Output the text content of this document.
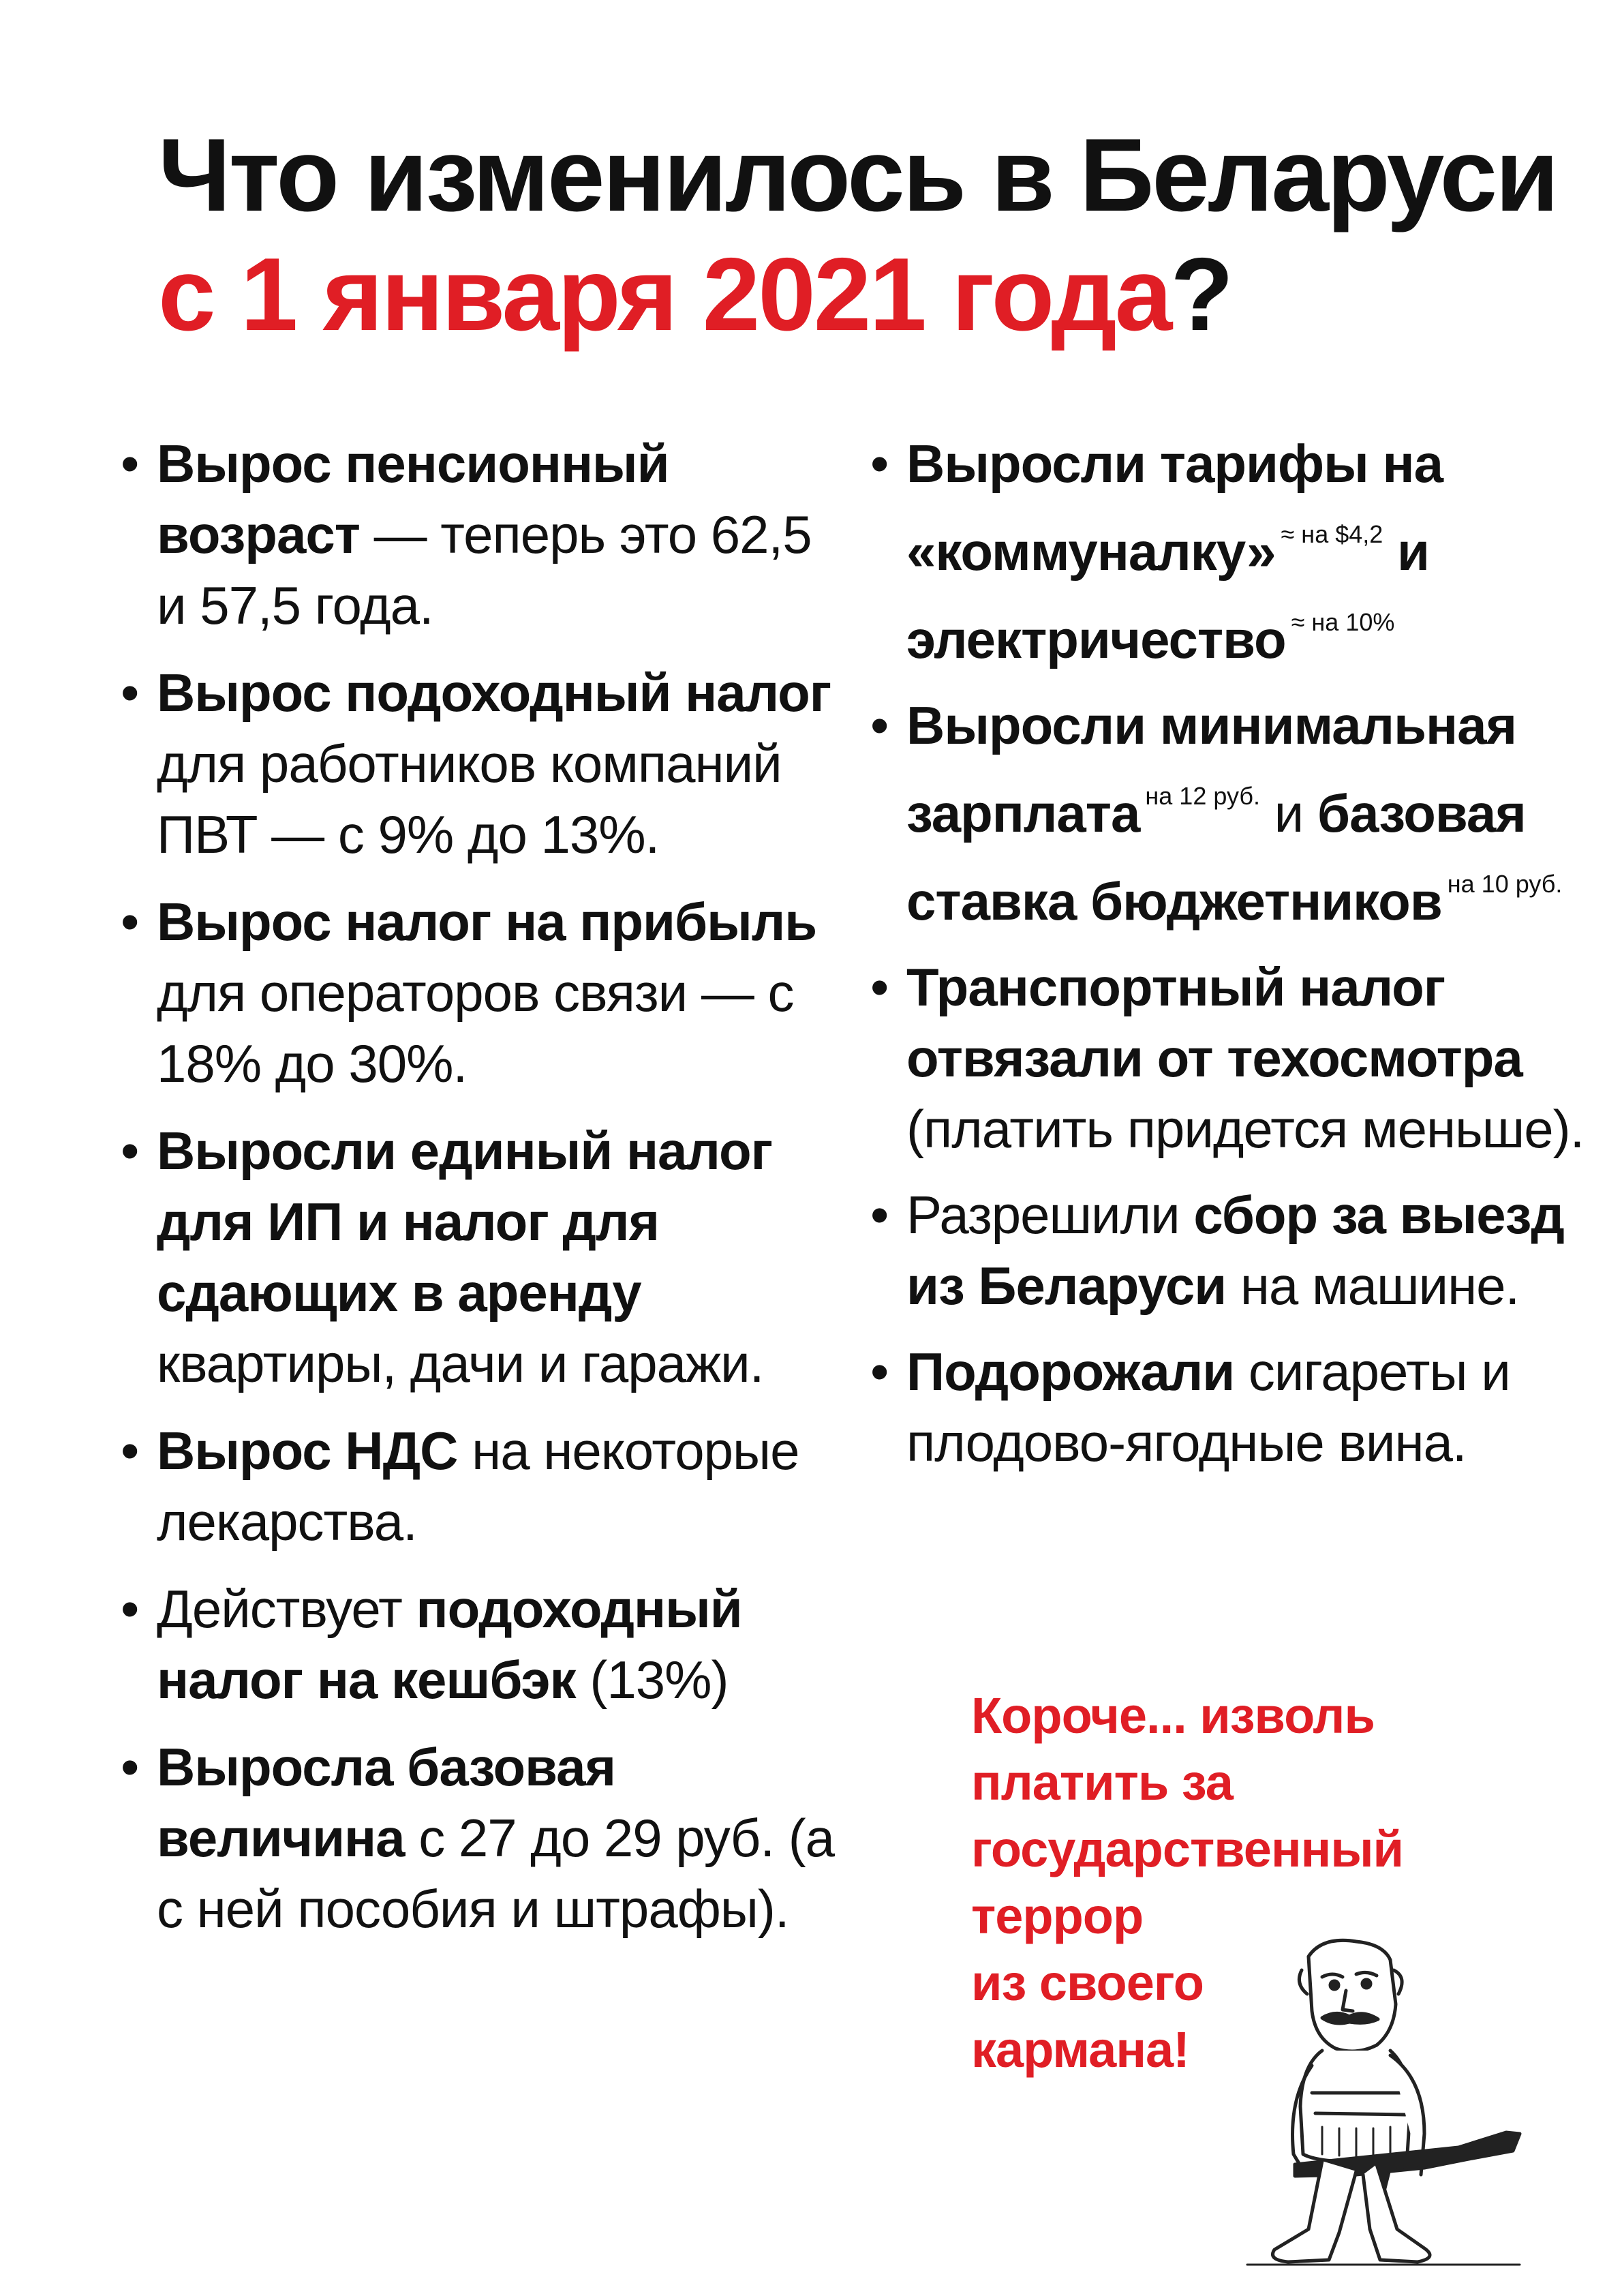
Что изменилось в Беларуси
с 1 января 2021 года?
• Вырос пенсионный возраст — теперь это 62,5 и 57,5 года.
• Вырос подоходный налог для работников компаний ПВТ — с 9% до 13%.
• Вырос налог на прибыль для операторов связи — с 18% до 30%.
• Выросли единый налог для ИП и налог для сдающих в аренду квартиры, дачи и гаражи.
• Вырос НДС на некоторые лекарства.
• Действует подоходный налог на кешбэк (13%)
• Выросла базовая величина с 27 до 29 руб. (а с ней пособия и штрафы).
• Выросли тарифы на «коммуналку» $^{\approx на \$4,2}$ и электричество $^{\approx на 10\%}$
• Выросли минимальная зарплата $^{на 12 руб.}$ и базовая ставка бюджетников $^{на 10 руб.}$
• Транспортный налог отвязали от техосмотра (платить придется меньше).
• Разрешили сбор за выезд из Беларуси на машине.
• Подорожали сигареты и плодово-ягодные вина.
Короче... изволь
платить за
государственный
террор
из своего
кармана!
